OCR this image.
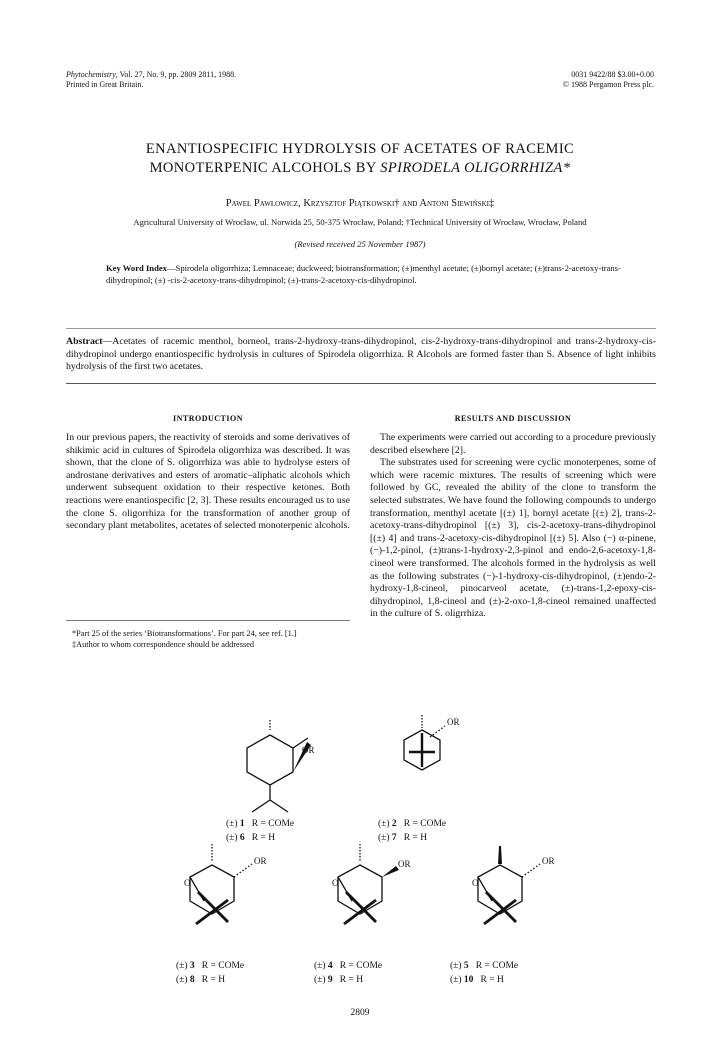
Phytochemistry, Vol. 27, No. 9, pp. 2809 2811, 1988.
Printed in Great Britain.
0031 9422/88 $3.00+0.00
© 1988 Pergamon Press plc.
ENANTIOSPECIFIC HYDROLYSIS OF ACETATES OF RACEMIC
MONOTERPENIC ALCOHOLS BY SPIRODELA OLIGORRHIZA*
Paweł Pawłowicz, Krzysztof Piątkowski† and Antoni Siewiński‡
Agricultural University of Wrocław, ul. Norwida 25, 50-375 Wrocław, Poland; †Technical University of Wrocław, Wrocław, Poland
(Revised received 25 November 1987)
Key Word Index—Spirodela oligorrhiza; Lemnaceae; duckweed; biotransformation; (±)menthyl acetate; (±)bornyl acetate; (±)trans-2-acetoxy-trans-dihydropinol; (±) -cis-2-acetoxy-trans-dihydropinol; (±)-trans-2-acetoxy-cis-dihydropinol.
Abstract—Acetates of racemic menthol, borneol, trans-2-hydroxy-trans-dihydropinol, cis-2-hydroxy-trans-dihydropinol and trans-2-hydroxy-cis-dihydropinol undergo enantiospecific hydrolysis in cultures of Spirodela oligorrhiza. R Alcohols are formed faster than S. Absence of light inhibits hydrolysis of the first two acetates.
INTRODUCTION
In our previous papers, the reactivity of steroids and some derivatives of shikimic acid in cultures of Spirodela oligorrhiza was described. It was shown, that the clone of S. oligorrhiza was able to hydrolyse esters of androstane derivatives and esters of aromatic–aliphatic alcohols which underwent subsequent oxidation to their respective ketones. Both reactions were enantiospecific [2, 3]. These results encouraged us to use the clone S. oligorrhiza for the transformation of another group of secondary plant metabolites, acetates of selected monoterpenic alcohols.
*Part 25 of the series ‘Biotransformations’. For part 24, see ref. [1.]
‡Author to whom correspondence should be addressed
RESULTS AND DISCUSSION
The experiments were carried out according to a procedure previously described elsewhere [2].
The substrates used for screening were cyclic monoterpenes, some of which were racemic mixtures. The results of screening which were followed by GC, revealed the ability of the clone to transform the selected substrates. We have found the following compounds to undergo transformation, menthyl acetate [(±) 1], bornyl acetate [(±) 2], trans-2-acetoxy-trans-dihydropinol [(±) 3], cis-2-acetoxy-trans-dihydropinol [(±) 4] and trans-2-acetoxy-cis-dihydropinol [(±) 5]. Also (−) α-pinene, (−)-1,2-pinol, (±)trans-1-hydroxy-2,3-pinol and endo-2,6-acetoxy-1,8-cineol were transformed. The alcohols formed in the hydrolysis as well as the following substrates (−)-1-hydroxy-cis-dihydropinol, (±)endo-2-hydroxy-1,8-cineol, pinocarveol acetate, (±)-trans-1,2-epoxy-cis-dihydropinol, 1,8-cineol and (±)-2-oxo-1,8-cineol remained unaffected in the culture of S. oligrrhiza.
OR
OR
OR
O
OR
O
OR
O
(±) 1 R = COMe
(±) 6 R = H
(±) 2 R = COMe
(±) 7 R = H
(±) 3 R = COMe
(±) 8 R = H
(±) 4 R = COMe
(±) 9 R = H
(±) 5 R = COMe
(±) 10 R = H
2809
